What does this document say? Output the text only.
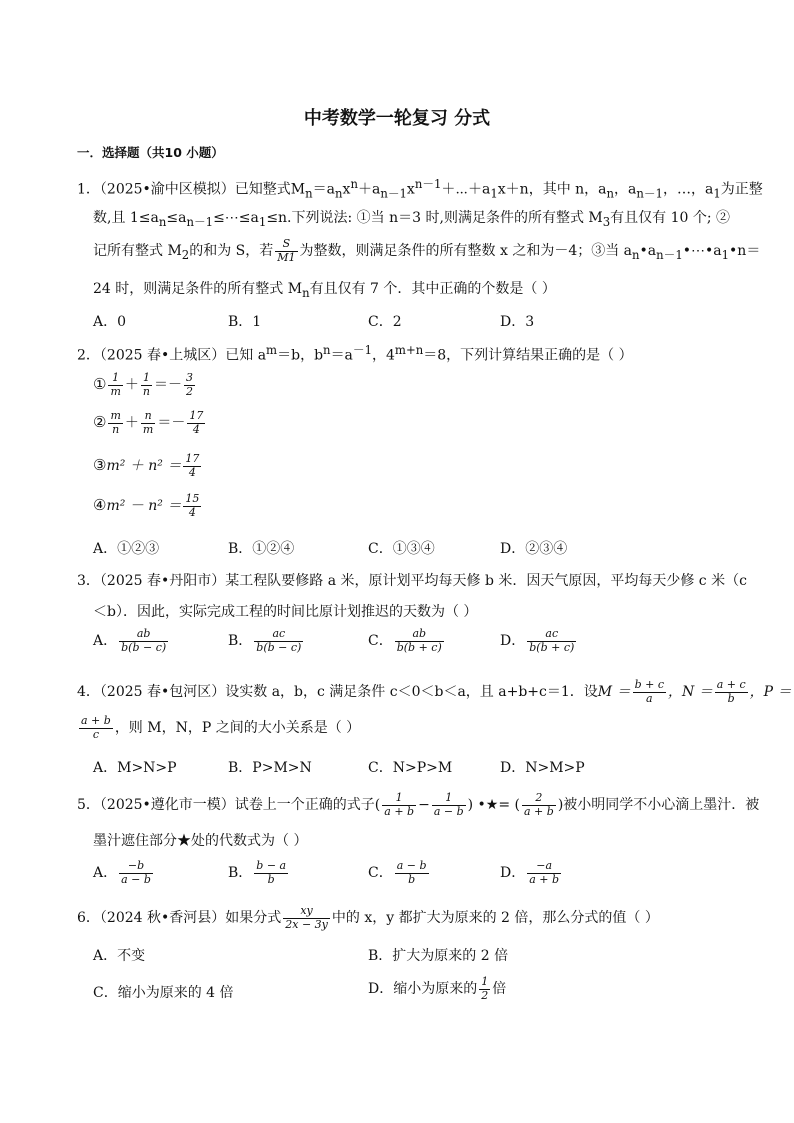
中考数学一轮复习 分式
一．选择题（共10 小题）
1．（2025•渝中区模拟）已知整式$M_n=a_nx^n+a_{n-1}x^{n-1}+\cdots+a_1x+n$，其中 n，$a_n$，$a_{n-1}$，…，$a_1$为正整
数,且 $1\le a_n\le a_{n-1}\le\cdots\le a_1\le n$.下列说法: ①当 n＝3 时,则满足条件的所有整式 $M_3$有且仅有 10 个; ②
记所有整式 $M_2$的和为 S，若 $\frac{S}{M1}$ 为整数，则满足条件的所有整数 x 之和为－4；③当 $a_n•a_{n-1}•\cdots•a_1•n=$
24 时，则满足条件的所有整式 $M_n$有且仅有 7 个．其中正确的个数是（ ）
A．0	B．1	C．2	D．3
2．（2025 春•上城区）已知 $a^m=b$，$b^n=a^{-1}$，$4^{m+n}=8$，下列计算结果正确的是（ ）
① $\frac{1}{m} + \frac{1}{n} =- \frac{3}{2}$
② $\frac{m}{n} + \frac{n}{m} =- \frac{17}{4}$
③m² ＋ $n^2 = \frac{17}{4}$
④m² － $n^2 = \frac{15}{4}$
A．①②③	B．①②④	C．①③④	D．②③④
3．（2025 春•丹阳市）某工程队要修路 a 米，原计划平均每天修 b 米．因天气原因，平均每天少修 c 米（c
＜b）．因此，实际完成工程的时间比原计划推迟的天数为（ ）
A． $\frac{ab}{b(b - c)}$	B． $\frac{ac}{b(b - c)}$	C． $\frac{ab}{b(b + c)}$	D． $\frac{ac}{b(b + c)}$
4．（2025 春•包河区）设实数 a，b，c 满足条件 c＜0＜b＜a，且 a+b+c＝1．设$M = \frac{b + c}{a}$ ，$N = \frac{a + c}{b}$ ，P ＝
$\frac{a + b}{c}$ ，则 M，N，P 之间的大小关系是（ ）
A．M>N>P	B．P>M>N	C．N>P>M	D．N>M>P
5．（2025•遵化市一模）试卷上一个正确的式子( $\frac{1}{a + b} - \frac{1}{a - b}$ ) •★= ( $\frac{2}{a + b}$ )被小明同学不小心滴上墨汁．被
墨汁遮住部分★处的代数式为（ ）
A． $\frac{-b}{a - b}$	B． $\frac{b - a}{b}$	C． $\frac{a - b}{b}$	D． $\frac{-a}{a + b}$
6．（2024 秋•香河县）如果分式 $\frac{xy}{2x - 3y}$ 中的 x，y 都扩大为原来的 2 倍，那么分式的值（ ）
A．不变	B．扩大为原来的 2 倍
C．缩小为原来的 4 倍	D．缩小为原来的 $\frac{1}{2}$ 倍
